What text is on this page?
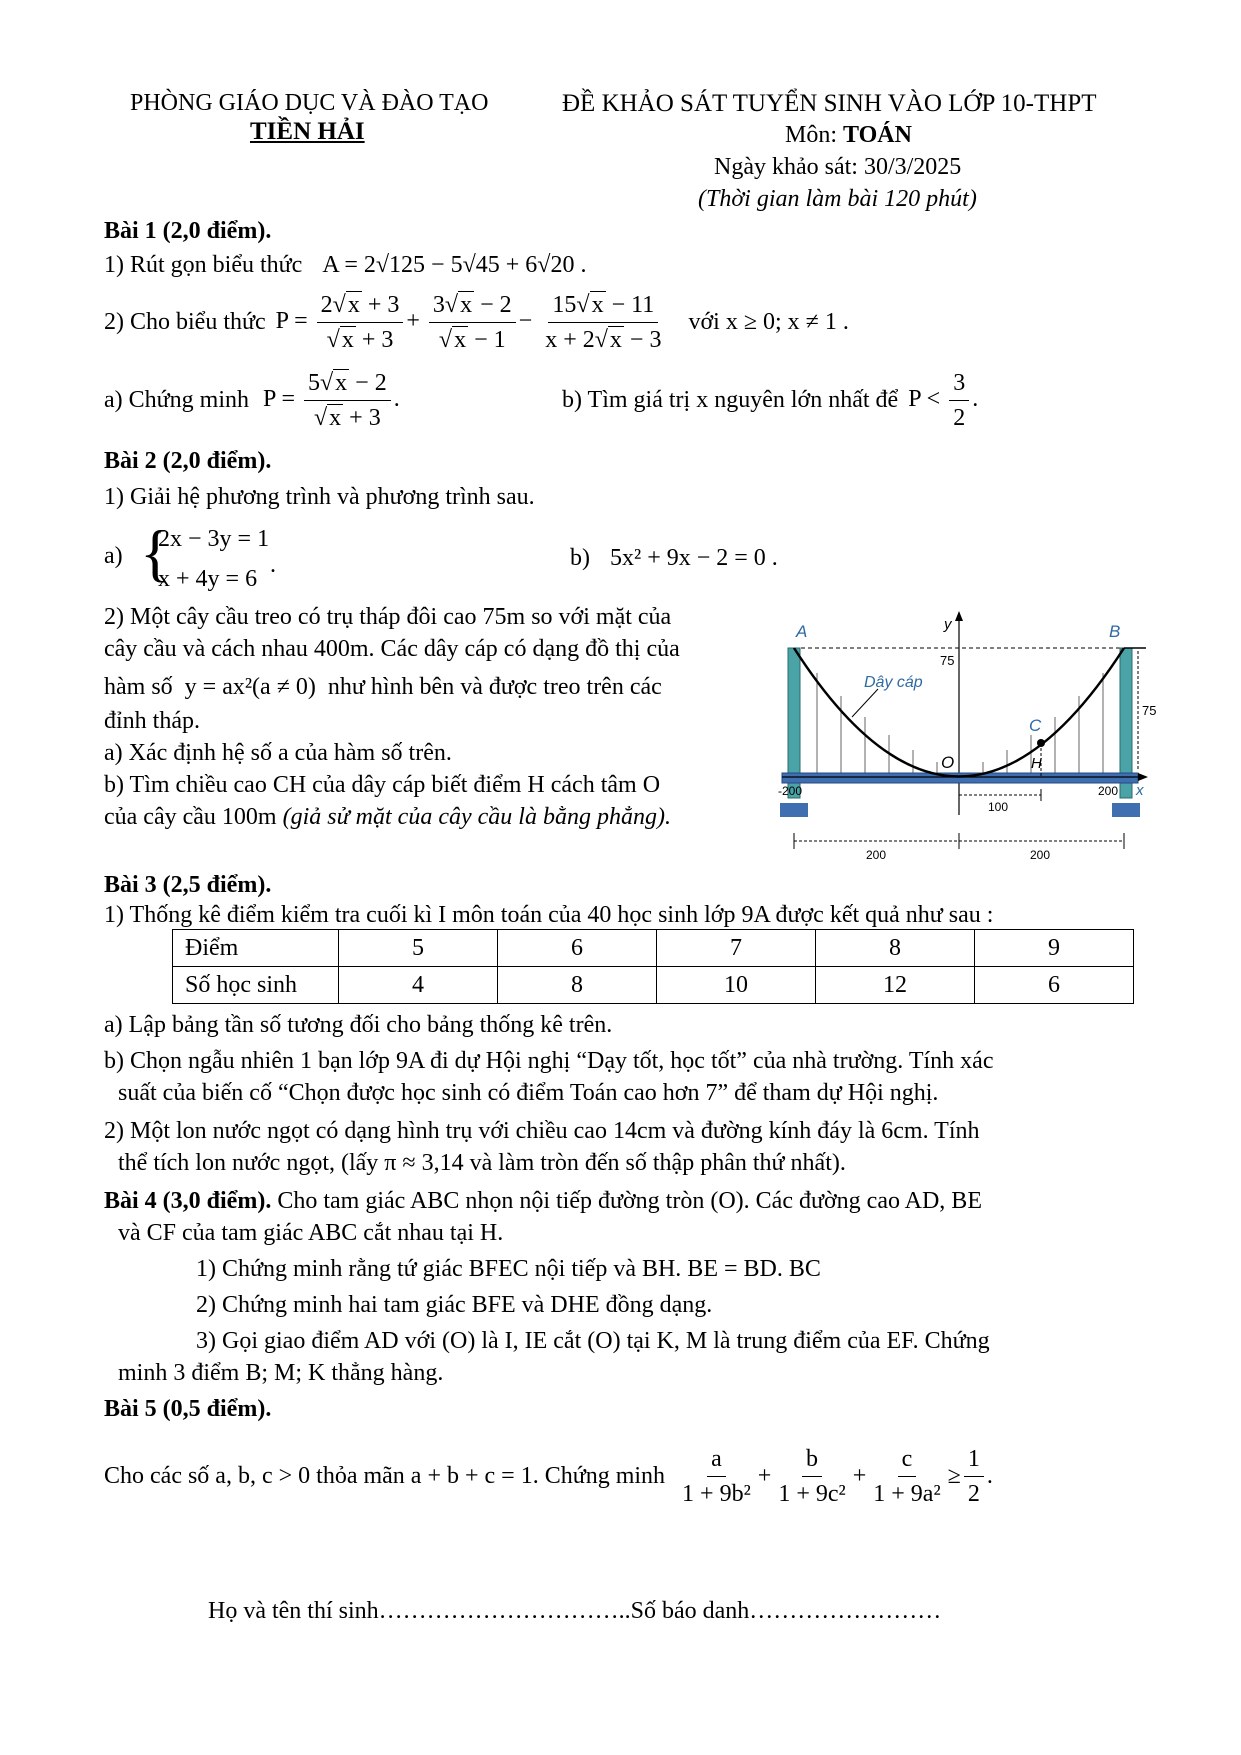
PHÒNG GIÁO DỤC VÀ ĐÀO TẠO
TIỀN HẢI
ĐỀ KHẢO SÁT TUYỂN SINH VÀO LỚP 10-THPT
Môn: TOÁN
Ngày khảo sát: 30/3/2025
(Thời gian làm bài 120 phút)
Bài 1 (2,0 điểm).
1) Rút gọn biểu thức A = 2√125 − 5√45 + 6√20 .
2) Cho biểu thức P = 2 √ x + 3
√ x + 3 + 3 √ x − 2
√ $x - 1 - \frac{15 √ x - 11}{x + 2 √ x - 3}$ với x ≥ 0; x ≠ 1 .
a) Chứng minh P = 5 √ x − 2
√ x + 3 .	b) Tìm giá trị x nguyên lớn nhất để $P < \frac{3}{2}$ .
Bài 2 (2,0 điểm).
1) Giải hệ phương trình và phương trình sau.
a) {
2x − 3y = 1
x + 4y = 6
.	b) 5x² + 9x − 2 = 0 .
2) Một cây cầu treo có trụ tháp đôi cao 75m so với mặt của
cây cầu và cách nhau 400m. Các dây cáp có dạng đồ thị của
hàm số y = ax²(a ≠ 0) như hình bên và được treo trên các
đỉnh tháp.
a) Xác định hệ số a của hàm số trên.
b) Tìm chiều cao CH của dây cáp biết điểm H cách tâm O
của cây cầu 100m (giả sử mặt của cây cầu là bằng phẳng).
A	B
y
75
Dây cáp
C
O	H
75
-200	200 x
100
200	200
Bài 3 (2,5 điểm).
1) Thống kê điểm kiểm tra cuối kì I môn toán của 40 học sinh lớp 9A được kết quả như sau :
Điểm	5	6	7	8	9
Số học sinh	4	8	10	12	6
a) Lập bảng tần số tương đối cho bảng thống kê trên.
b) Chọn ngẫu nhiên 1 bạn lớp 9A đi dự Hội nghị “Dạy tốt, học tốt” của nhà trường. Tính xác
suất của biến cố “Chọn được học sinh có điểm Toán cao hơn 7” để tham dự Hội nghị.
2) Một lon nước ngọt có dạng hình trụ với chiều cao 14cm và đường kính đáy là 6cm. Tính
thể tích lon nước ngọt, (lấy π ≈ 3,14 và làm tròn đến số thập phân thứ nhất).
Bài 4 (3,0 điểm). Cho tam giác ABC nhọn nội tiếp đường tròn (O). Các đường cao AD, BE
và CF của tam giác ABC cắt nhau tại H.
1) Chứng minh rằng tứ giác BFEC nội tiếp và BH. BE = BD. BC
2) Chứng minh hai tam giác BFE và DHE đồng dạng.
3) Gọi giao điểm AD với (O) là I, IE cắt (O) tại K, M là trung điểm của EF. Chứng
minh 3 điểm B; M; K thẳng hàng.
Bài 5 (0,5 điểm).
Cho các số a, b, c > 0 thỏa mãn a + b + c = 1. Chứng minh $\frac{a}{\text{1 + 9b²}} + \frac{b}{\text{1 + 9c²}} + \frac{c}{\text{1 + 9a²}} \ge \frac{1}{2}$ .
Họ và tên thí sinh…………………………..Số báo danh……………………
